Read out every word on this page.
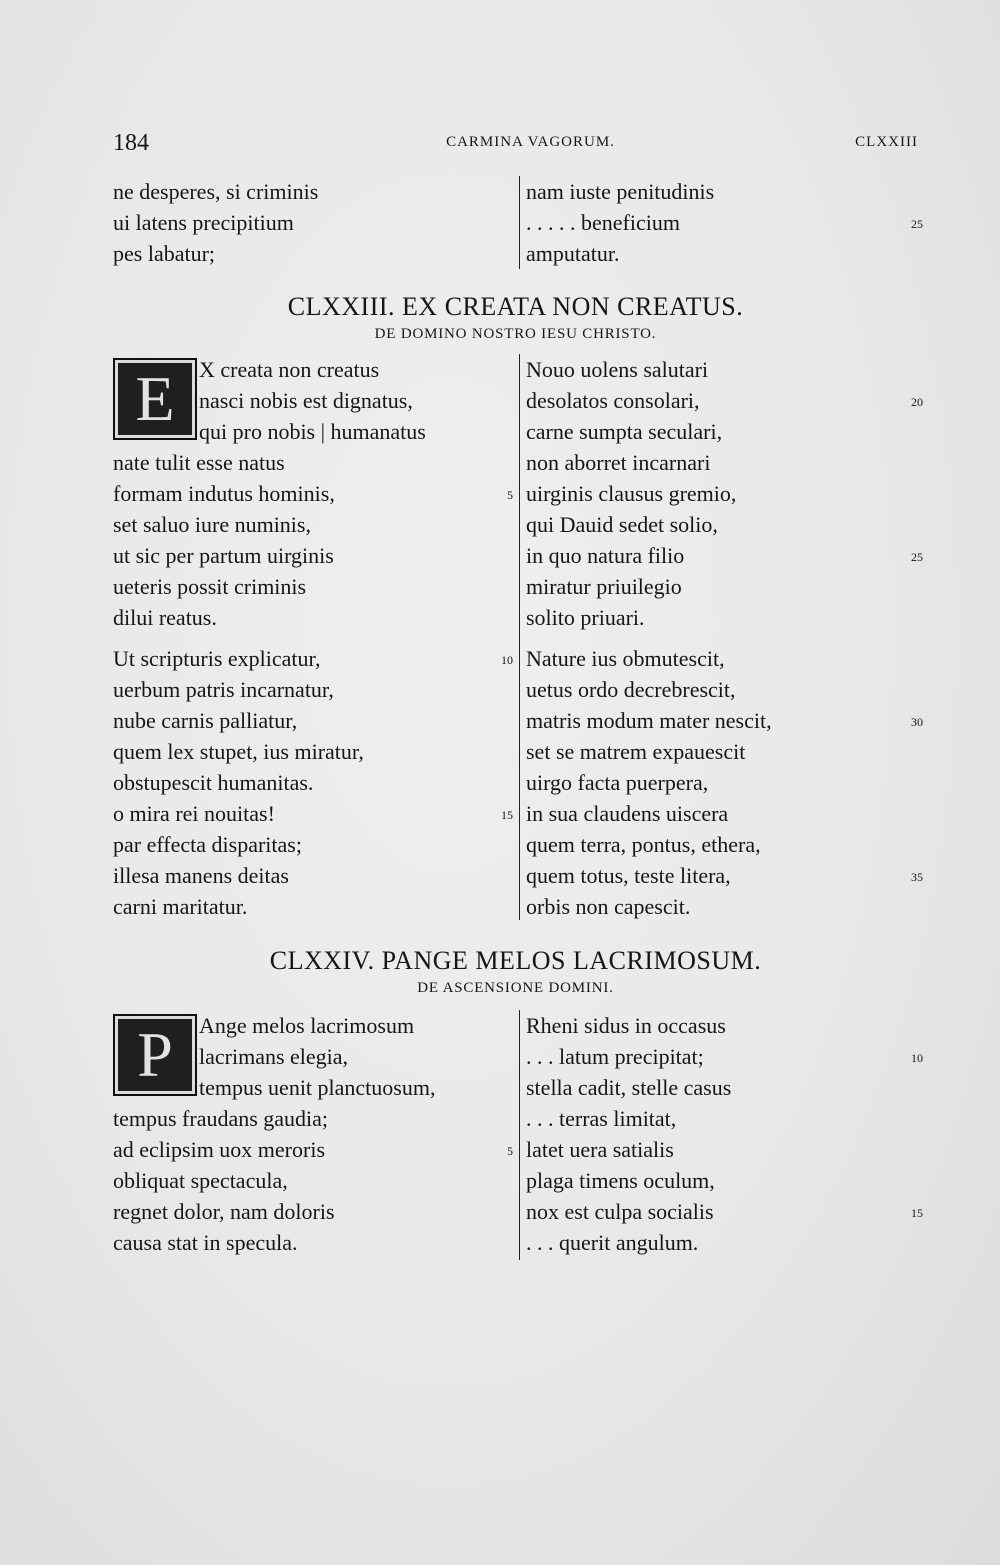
184	CARMINA VAGORUM.	CLXXIII
ne desperes, si criminis
ui latens precipitium
pes labatur;
nam iuste penitudinis
. . . . . beneficium	25
amputatur.
CLXXIII. EX CREATA NON CREATUS.
DE DOMINO NOSTRO IESU CHRISTO.
X creata non creatus
nasci nobis est dignatus,
qui pro nobis | humanatus
nate tulit esse natus
formam indutus hominis,	5
set saluo iure numinis,
ut sic per partum uirginis
ueteris possit criminis
dilui reatus.
Ut scripturis explicatur,	10
uerbum patris incarnatur,
nube carnis palliatur,
quem lex stupet, ius miratur,
obstupescit humanitas.
o mira rei nouitas!	15
par effecta disparitas;
illesa manens deitas
carni maritatur.
Nouo uolens salutari
desolatos consolari,	20
carne sumpta seculari,
non aborret incarnari
uirginis clausus gremio,
qui Dauid sedet solio,
in quo natura filio	25
miratur priuilegio
solito priuari.
Nature ius obmutescit,
uetus ordo decrebrescit,
matris modum mater nescit,	30
set se matrem expauescit
uirgo facta puerpera,
in sua claudens uiscera
quem terra, pontus, ethera,
quem totus, teste litera,	35
orbis non capescit.
E
CLXXIV. PANGE MELOS LACRIMOSUM.
DE ASCENSIONE DOMINI.
Ange melos lacrimosum
lacrimans elegia,
tempus uenit planctuosum,
tempus fraudans gaudia;
ad eclipsim uox meroris	5
obliquat spectacula,
regnet dolor, nam doloris
causa stat in specula.
Rheni sidus in occasus
. . . latum precipitat;	10
stella cadit, stelle casus
. . . terras limitat,
latet uera satialis
plaga timens oculum,
nox est culpa socialis	15
. . . querit angulum.
P
